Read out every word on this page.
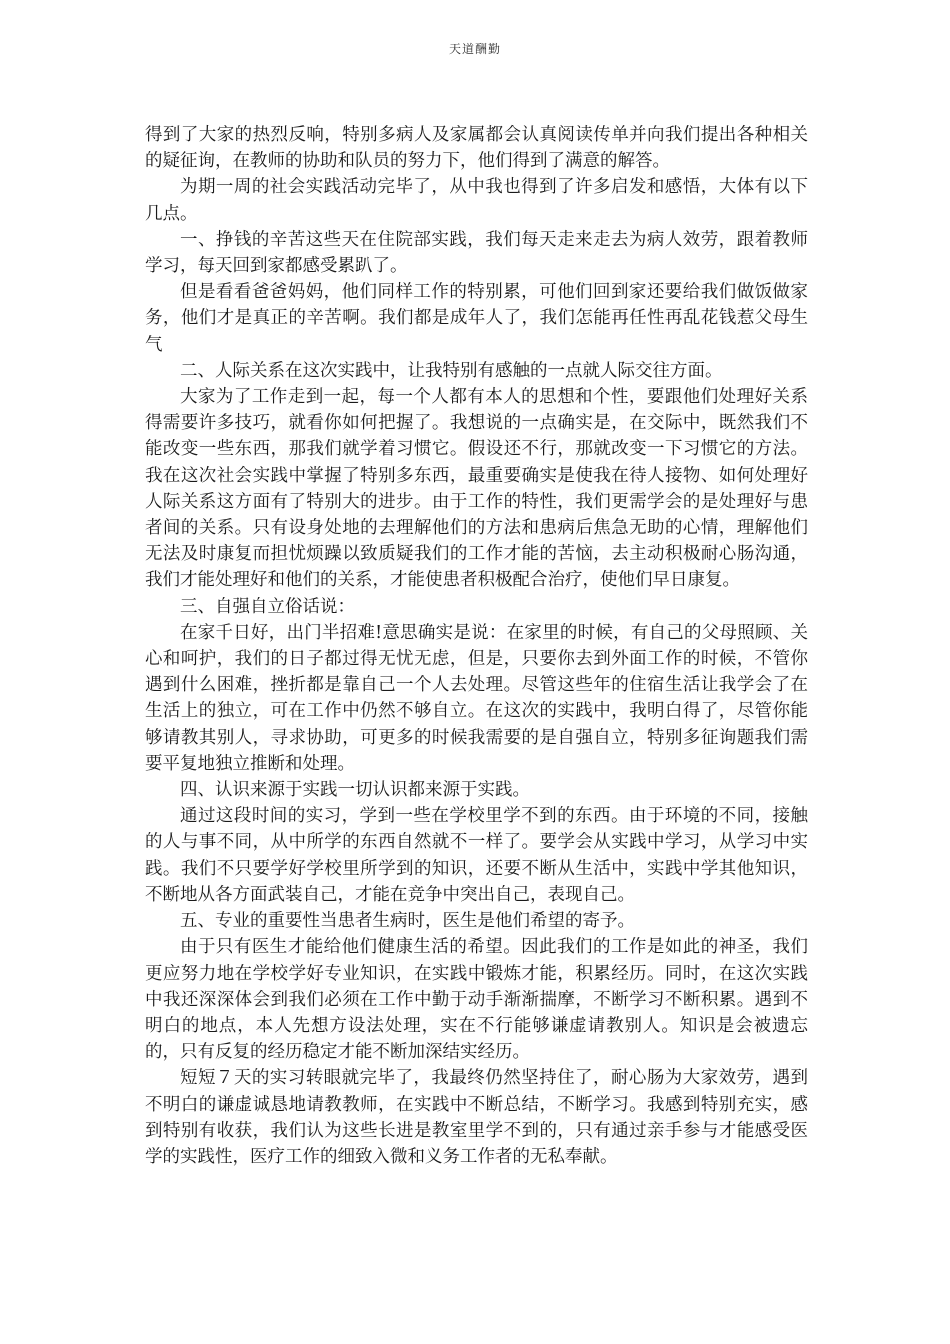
天道酬勤

得到了大家的热烈反响，特别多病人及家属都会认真阅读传单并向我们提出各种相关的疑征询，在教师的协助和队员的努力下，他们得到了满意的解答。

为期一周的社会实践活动完毕了，从中我也得到了许多启发和感悟，大体有以下几点。

一、挣钱的辛苦这些天在住院部实践，我们每天走来走去为病人效劳，跟着教师学习，每天回到家都感受累趴了。

但是看看爸爸妈妈，他们同样工作的特别累，可他们回到家还要给我们做饭做家务，他们才是真正的辛苦啊。我们都是成年人了，我们怎能再任性再乱花钱惹父母生气

二、人际关系在这次实践中，让我特别有感触的一点就人际交往方面。

大家为了工作走到一起，每一个人都有本人的思想和个性，要跟他们处理好关系得需要许多技巧，就看你如何把握了。我想说的一点确实是，在交际中，既然我们不能改变一些东西，那我们就学着习惯它。假设还不行，那就改变一下习惯它的方法。我在这次社会实践中掌握了特别多东西，最重要确实是使我在待人接物、如何处理好人际关系这方面有了特别大的进步。由于工作的特性，我们更需学会的是处理好与患者间的关系。只有设身处地的去理解他们的方法和患病后焦急无助的心情，理解他们无法及时康复而担忧烦躁以致质疑我们的工作才能的苦恼，去主动积极耐心肠沟通，我们才能处理好和他们的关系，才能使患者积极配合治疗，使他们早日康复。

三、自强自立俗话说：

在家千日好，出门半招难!意思确实是说：在家里的时候，有自己的父母照顾、关心和呵护，我们的日子都过得无忧无虑，但是，只要你去到外面工作的时候，不管你遇到什么困难，挫折都是靠自己一个人去处理。尽管这些年的住宿生活让我学会了在生活上的独立，可在工作中仍然不够自立。在这次的实践中，我明白得了，尽管你能够请教其别人，寻求协助，可更多的时候我需要的是自强自立，特别多征询题我们需要平复地独立推断和处理。

四、认识来源于实践一切认识都来源于实践。

通过这段时间的实习，学到一些在学校里学不到的东西。由于环境的不同，接触的人与事不同，从中所学的东西自然就不一样了。要学会从实践中学习，从学习中实践。我们不只要学好学校里所学到的知识，还要不断从生活中，实践中学其他知识，不断地从各方面武装自己，才能在竞争中突出自己，表现自己。

五、专业的重要性当患者生病时，医生是他们希望的寄予。

由于只有医生才能给他们健康生活的希望。因此我们的工作是如此的神圣，我们更应努力地在学校学好专业知识，在实践中锻炼才能，积累经历。同时，在这次实践中我还深深体会到我们必须在工作中勤于动手渐渐揣摩，不断学习不断积累。遇到不明白的地点，本人先想方设法处理，实在不行能够谦虚请教别人。知识是会被遗忘的，只有反复的经历稳定才能不断加深结实经历。

短短７天的实习转眼就完毕了，我最终仍然坚持住了，耐心肠为大家效劳，遇到不明白的谦虚诚恳地请教教师，在实践中不断总结，不断学习。我感到特别充实，感到特别有收获，我们认为这些长进是教室里学不到的，只有通过亲手参与才能感受医学的实践性，医疗工作的细致入微和义务工作者的无私奉献。
